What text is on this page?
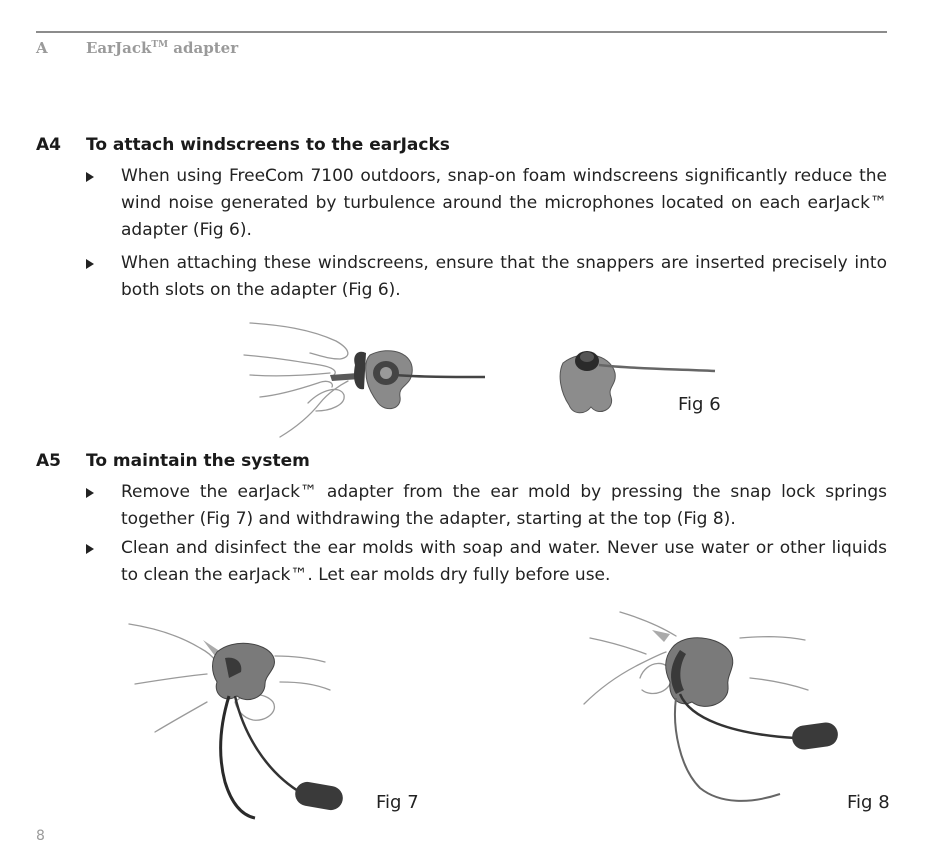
A	EarJack™ adapter
A4 To attach windscreens to the earJacks
When using FreeCom 7100 outdoors, snap-on foam windscreens significantly reduce the wind noise generated by turbulence around the microphones located on each earJack™ adapter (Fig 6).
When attaching these windscreens, ensure that the snappers are inserted precisely into both slots on the adapter (Fig 6).
Fig 6
A5 To maintain the system
Remove the earJack™ adapter from the ear mold by pressing the snap lock springs together (Fig 7) and withdrawing the adapter, starting at the top (Fig 8).
Clean and disinfect the ear molds with soap and water. Never use water or other liquids to clean the earJack™. Let ear molds dry fully before use.
Fig 7	Fig 8
8
